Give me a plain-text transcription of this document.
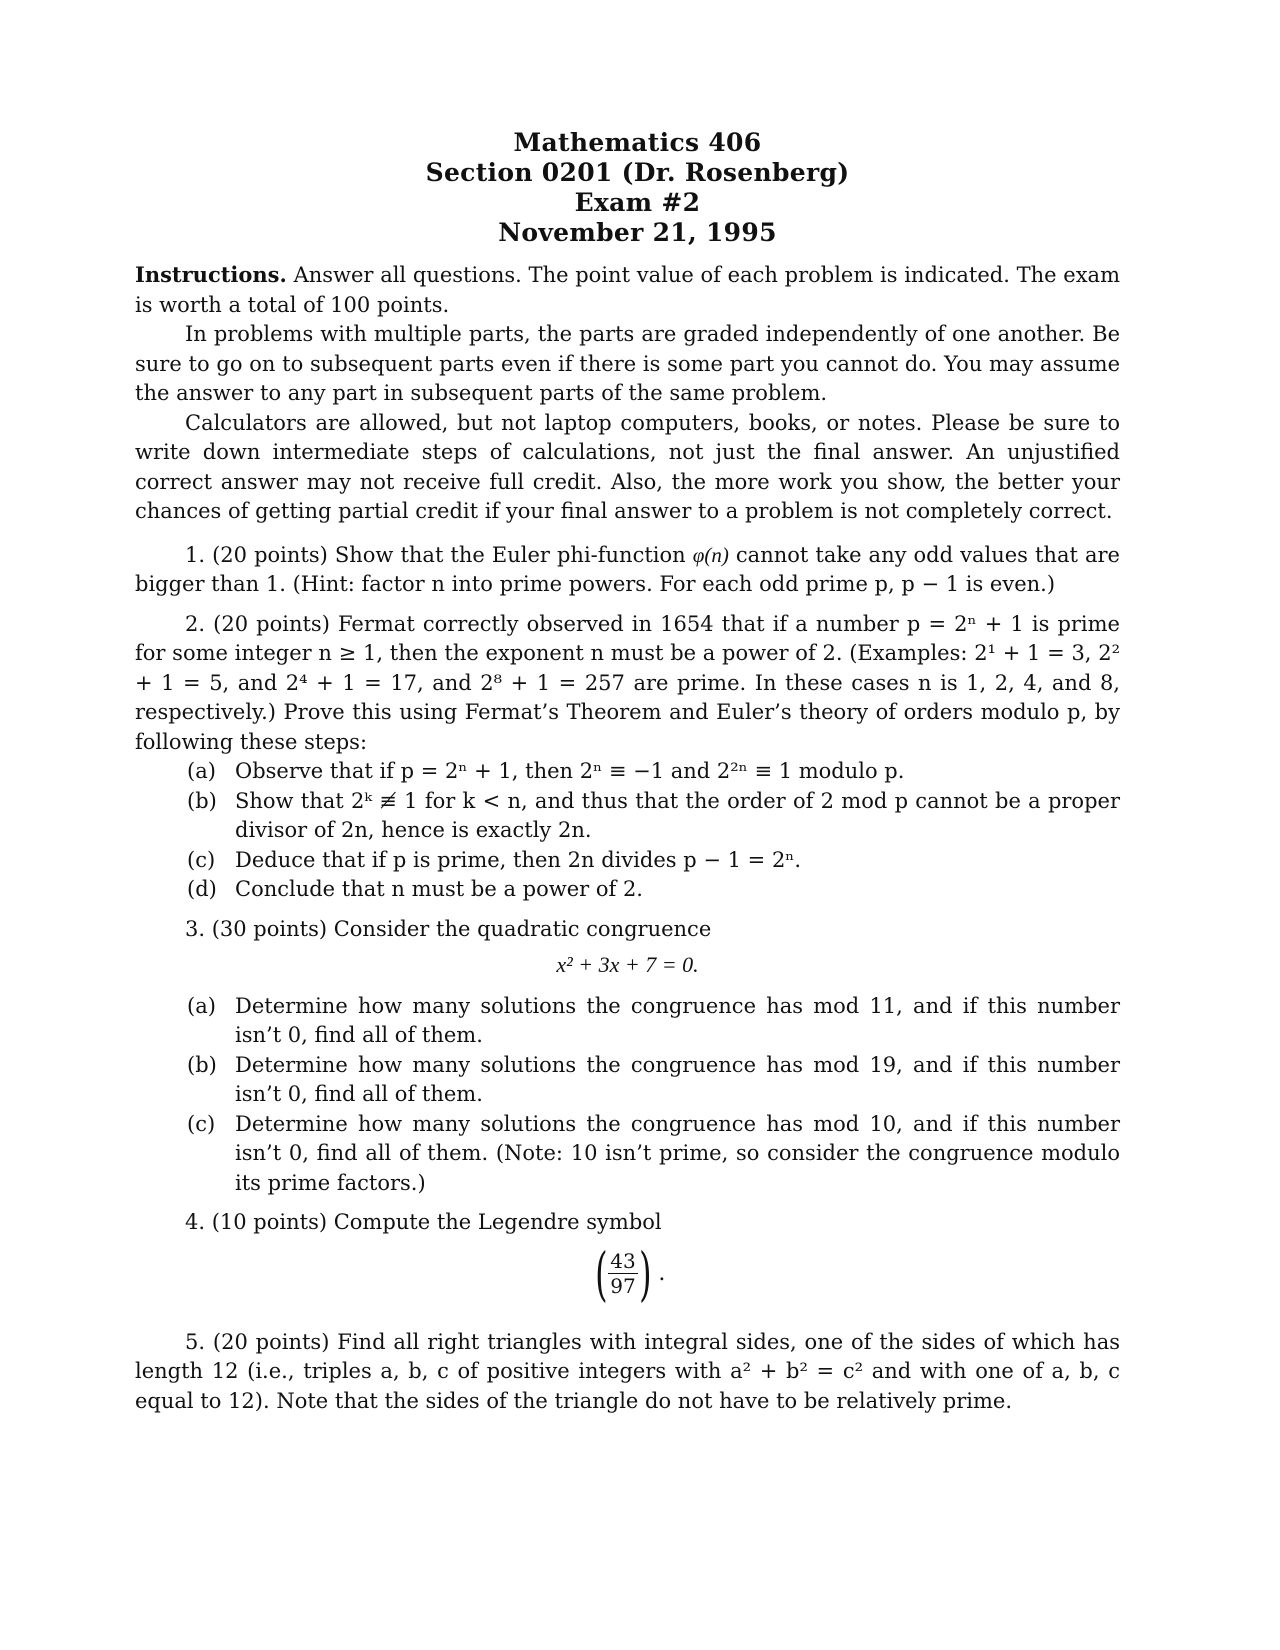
Mathematics 406
Section 0201 (Dr. Rosenberg)
Exam #2
November 21, 1995

Instructions. Answer all questions. The point value of each problem is indicated. The exam is worth a total of 100 points.

In problems with multiple parts, the parts are graded independently of one another. Be sure to go on to subsequent parts even if there is some part you cannot do. You may assume the answer to any part in subsequent parts of the same problem.

Calculators are allowed, but not laptop computers, books, or notes. Please be sure to write down intermediate steps of calculations, not just the final answer. An unjustified correct answer may not receive full credit. Also, the more work you show, the better your chances of getting partial credit if your final answer to a problem is not completely correct.

1. (20 points) Show that the Euler phi-function φ(n) cannot take any odd values that are bigger than 1. (Hint: factor n into prime powers. For each odd prime p, p − 1 is even.)

2. (20 points) Fermat correctly observed in 1654 that if a number p = 2ⁿ + 1 is prime for some integer n ≥ 1, then the exponent n must be a power of 2. (Examples: 2¹ + 1 = 3, 2² + 1 = 5, and 2⁴ + 1 = 17, and 2⁸ + 1 = 257 are prime. In these cases n is 1, 2, 4, and 8, respectively.) Prove this using Fermat’s Theorem and Euler’s theory of orders modulo p, by following these steps:

(a) Observe that if p = 2ⁿ + 1, then 2ⁿ ≡ −1 and 2²ⁿ ≡ 1 modulo p.
(b) Show that 2ᵏ ≢ 1 for k < n, and thus that the order of 2 mod p cannot be a proper divisor of 2n, hence is exactly 2n.
(c) Deduce that if p is prime, then 2n divides p − 1 = 2ⁿ.
(d) Conclude that n must be a power of 2.

3. (30 points) Consider the quadratic congruence

x² + 3x + 7 = 0.
(a) Determine how many solutions the congruence has mod 11, and if this number isn’t 0, find all of them.
(b) Determine how many solutions the congruence has mod 19, and if this number isn’t 0, find all of them.
(c) Determine how many solutions the congruence has mod 10, and if this number isn’t 0, find all of them. (Note: 10 isn’t prime, so consider the congruence modulo its prime factors.)

4. (10 points) Compute the Legendre symbol

( $\frac{43}{97}$ ) .

5. (20 points) Find all right triangles with integral sides, one of the sides of which has length 12 (i.e., triples a, b, c of positive integers with a² + b² = c² and with one of a, b, c equal to 12). Note that the sides of the triangle do not have to be relatively prime.
